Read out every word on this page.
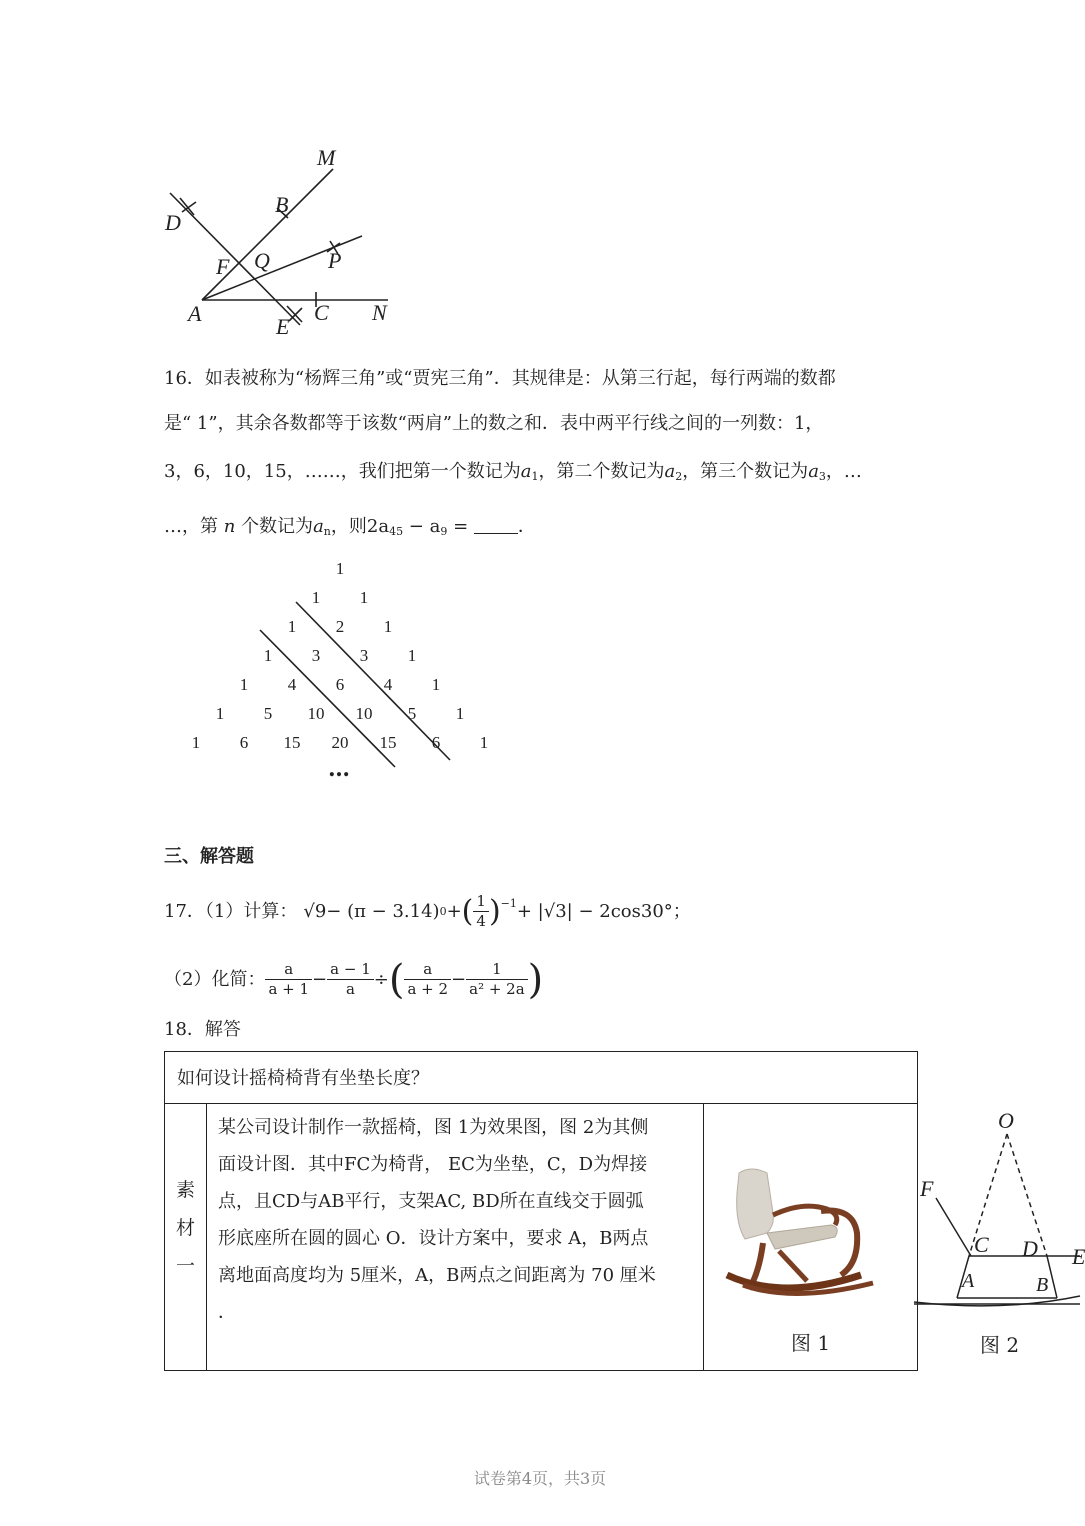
M
D
B
F Q	P
A
E
C N
16．如表被称为“杨辉三角”或“贾宪三角”．其规律是：从第三行起，每行两端的数都
是“ 1”，其余各数都等于该数“两肩”上的数之和．表中两平行线之间的一列数：1，
3，6，10，15，……，我们把第一个数记为$a_1$，第二个数记为$a_2$，第三个数记为$a_3$，…
…，第 n 个数记为$a_n$，则$2a_{45} - a_9$ = ．
1
1 1
1 2 1
1 3 3 1
1 4 6 4 1
1 5 10 10 5 1
1 6 15 20 15 6 1
…
三、解答题
17．（1）计算： √9 − (π − 3.14) 0 + ( $\frac{1}{4} )^{-1} + |√3| - 2\cos 30^\circ$；
（2）化简： $\frac{a}{a + 1} - \frac{a - 1}{a}$ ÷ ( $\frac{a}{a + 2} - \frac{1}{\text{a² + 2a}}$ )
18．解答
如何设计摇椅椅背有坐垫长度？
素
材
一
某公司设计制作一款摇椅，图 1为效果图，图 2为其侧
面设计图．其中FC为椅背， EC为坐垫，C，D为焊接
点，且CD与AB平行，支架AC, BD所在直线交于圆弧
形底座所在圆的圆心 O．设计方案中，要求 A，B两点
离地面高度均为 5厘米，A，B两点之间距离为 70 厘米
．
图 1
O
F
C D E
A	B
图 2
试卷第4页，共3页
